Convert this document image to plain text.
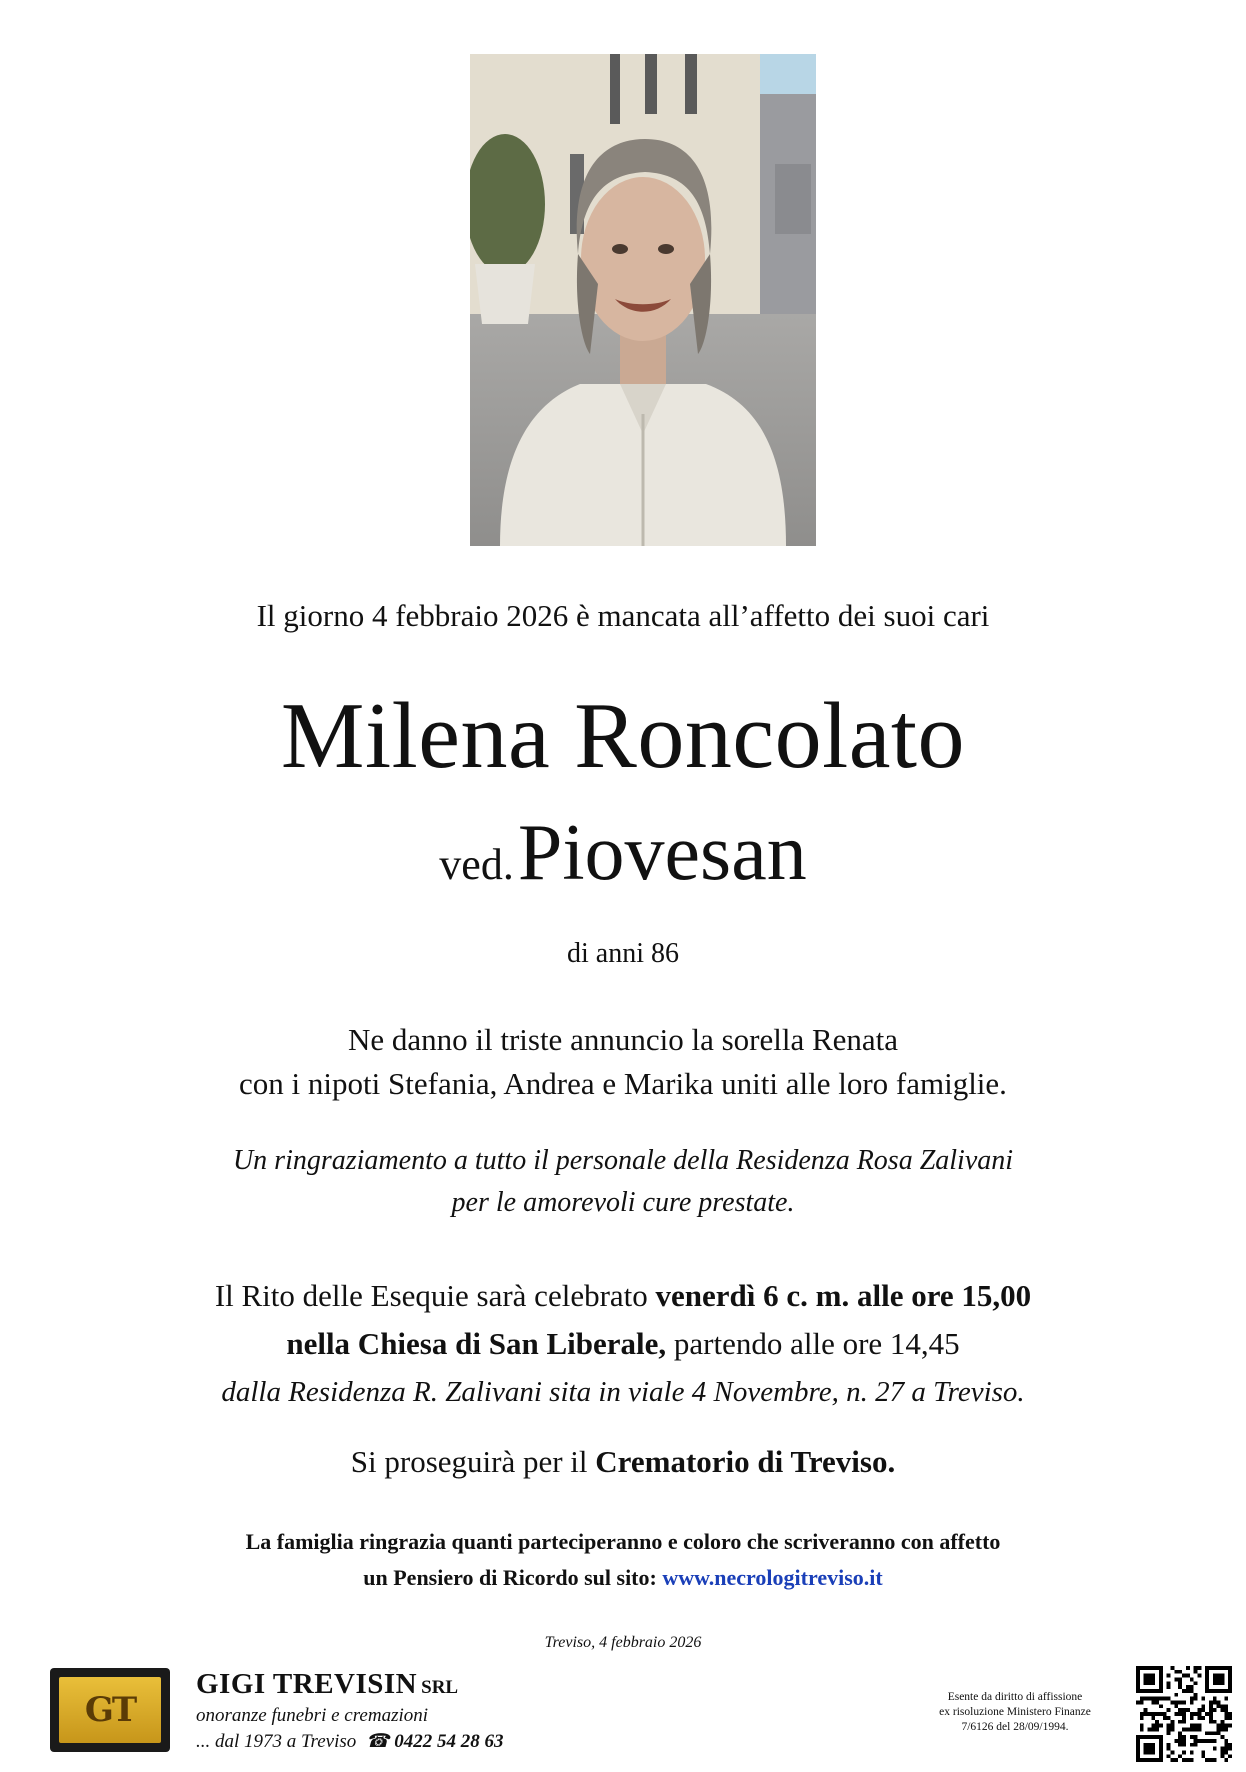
Il giorno 4 febbraio 2026 è mancata all’affetto dei suoi cari
Milena Roncolato
ved. Piovesan
di anni 86
Ne danno il triste annuncio la sorella Renata
con i nipoti Stefania, Andrea e Marika uniti alle loro famiglie.
Un ringraziamento a tutto il personale della Residenza Rosa Zalivani
per le amorevoli cure prestate.
Il Rito delle Esequie sarà celebrato venerdì 6 c. m. alle ore 15,00
nella Chiesa di San Liberale, partendo alle ore 14,45
dalla Residenza R. Zalivani sita in viale 4 Novembre, n. 27 a Treviso.
Si proseguirà per il Crematorio di Treviso.
La famiglia ringrazia quanti parteciperanno e coloro che scriveranno con affetto
un Pensiero di Ricordo sul sito: www.necrologitreviso.it
Treviso, 4 febbraio 2026
GT
GIGI TREVISIN SRL
onoranze funebri e cremazioni
... dal 1973 a Treviso ☎ 0422 54 28 63
Esente da diritto di affissione
ex risoluzione Ministero Finanze
7/6126 del 28/09/1994.
